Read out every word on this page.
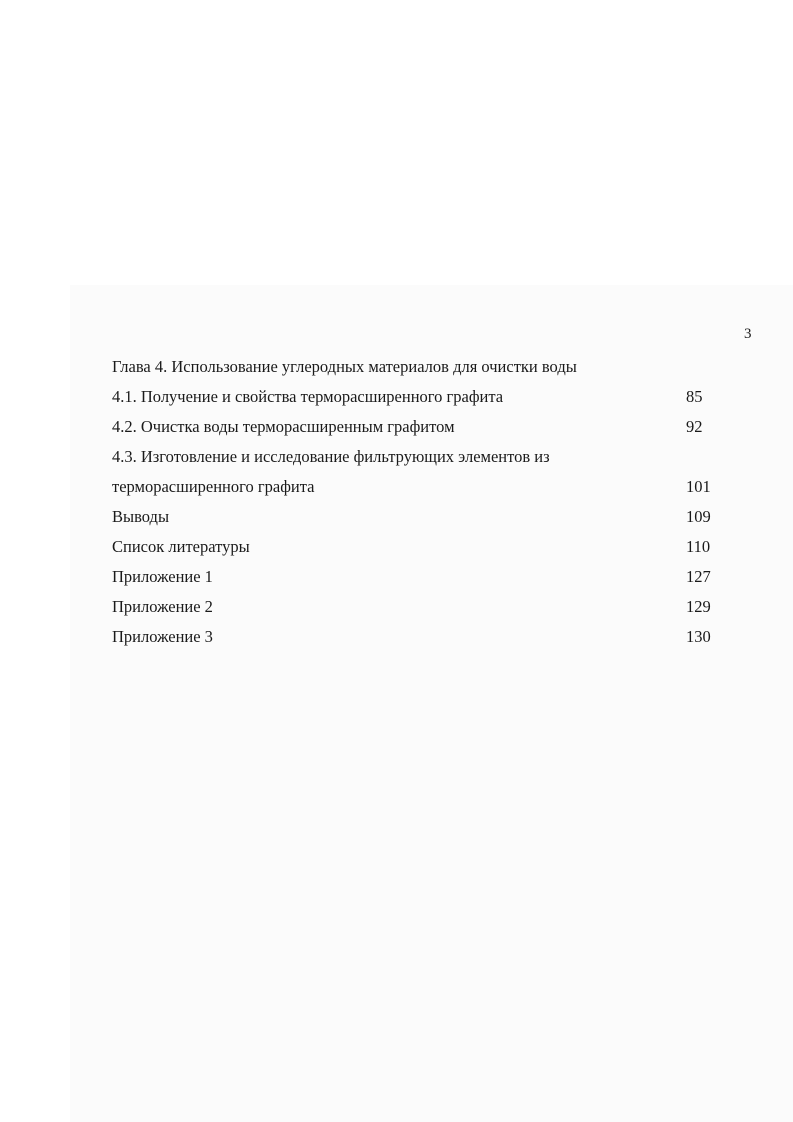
3
Глава 4. Использование углеродных материалов для очистки воды
4.1. Получение и свойства терморасширенного графита	85
4.2. Очистка воды терморасширенным графитом	92
4.3. Изготовление и исследование фильтрующих элементов из
терморасширенного графита	101
Выводы	109
Список литературы	110
Приложение 1	127
Приложение 2	129
Приложение 3	130
